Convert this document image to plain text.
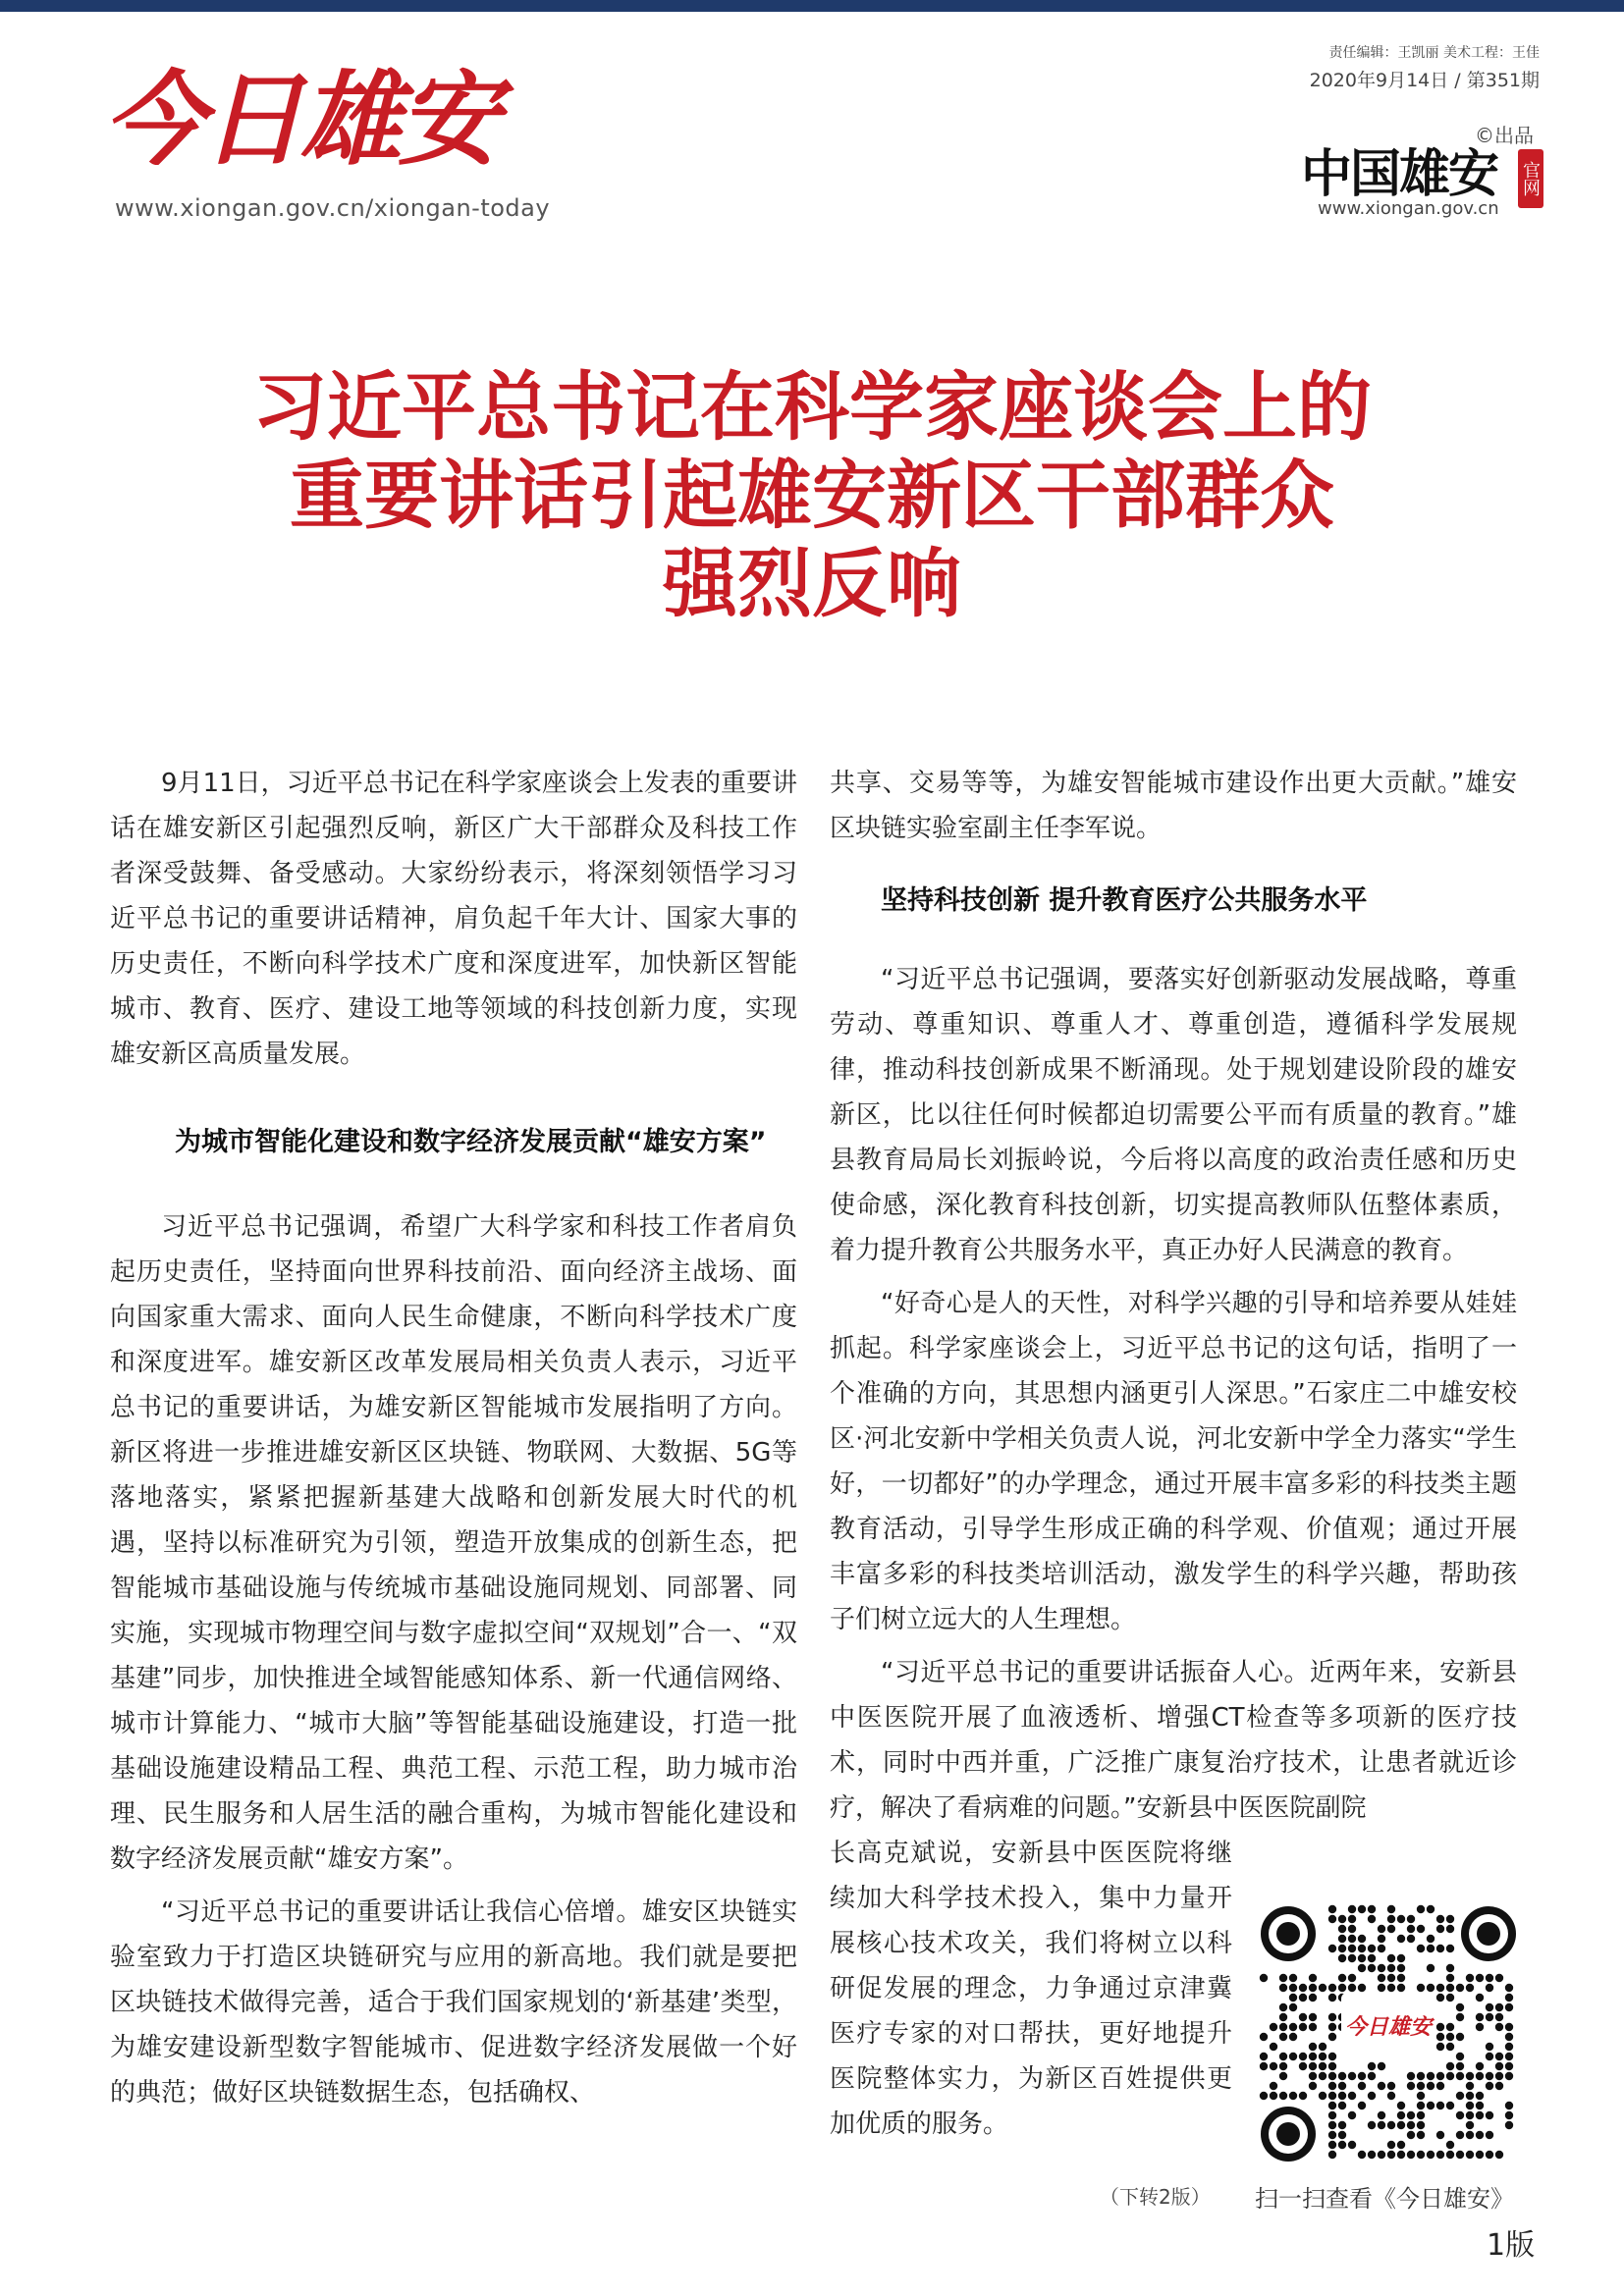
今日雄安
www.xiongan.gov.cn/xiongan-today
责任编辑：王凯丽 美术工程：王佳
2020年9月14日 / 第351期
©出品
中国雄安	官网
www.xiongan.gov.cn
习近平总书记在科学家座谈会上的
重要讲话引起雄安新区干部群众
强烈反响

9月11日，习近平总书记在科学家座谈会上发表的重要讲话在雄安新区引起强烈反响，新区广大干部群众及科技工作者深受鼓舞、备受感动。大家纷纷表示，将深刻领悟学习习近平总书记的重要讲话精神，肩负起千年大计、国家大事的历史责任，不断向科学技术广度和深度进军，加快新区智能城市、教育、医疗、建设工地等领域的科技创新力度，实现雄安新区高质量发展。

为城市智能化建设和数字经济发展贡献“雄安方案”

习近平总书记强调，希望广大科学家和科技工作者肩负起历史责任，坚持面向世界科技前沿、面向经济主战场、面向国家重大需求、面向人民生命健康，不断向科学技术广度和深度进军。雄安新区改革发展局相关负责人表示，习近平总书记的重要讲话，为雄安新区智能城市发展指明了方向。新区将进一步推进雄安新区区块链、物联网、大数据、5G等落地落实，紧紧把握新基建大战略和创新发展大时代的机遇，坚持以标准研究为引领，塑造开放集成的创新生态，把智能城市基础设施与传统城市基础设施同规划、同部署、同实施，实现城市物理空间与数字虚拟空间“双规划”合一、“双基建”同步，加快推进全域智能感知体系、新一代通信网络、城市计算能力、“城市大脑”等智能基础设施建设，打造一批基础设施建设精品工程、典范工程、示范工程，助力城市治理、民生服务和人居生活的融合重构，为城市智能化建设和数字经济发展贡献“雄安方案”。

“习近平总书记的重要讲话让我信心倍增。雄安区块链实验室致力于打造区块链研究与应用的新高地。我们就是要把区块链技术做得完善，适合于我们国家规划的‘新基建’类型，为雄安建设新型数字智能城市、促进数字经济发展做一个好的典范；做好区块链数据生态，包括确权、

共享、交易等等，为雄安智能城市建设作出更大贡献。”雄安区块链实验室副主任李军说。

坚持科技创新 提升教育医疗公共服务水平

“习近平总书记强调，要落实好创新驱动发展战略，尊重劳动、尊重知识、尊重人才、尊重创造，遵循科学发展规律，推动科技创新成果不断涌现。处于规划建设阶段的雄安新区，比以往任何时候都迫切需要公平而有质量的教育。”雄县教育局局长刘振岭说，今后将以高度的政治责任感和历史使命感，深化教育科技创新，切实提高教师队伍整体素质，着力提升教育公共服务水平，真正办好人民满意的教育。

“好奇心是人的天性，对科学兴趣的引导和培养要从娃娃抓起。科学家座谈会上，习近平总书记的这句话，指明了一个准确的方向，其思想内涵更引人深思。”石家庄二中雄安校区·河北安新中学相关负责人说，河北安新中学全力落实“学生好，一切都好”的办学理念，通过开展丰富多彩的科技类主题教育活动，引导学生形成正确的科学观、价值观；通过开展丰富多彩的科技类培训活动，激发学生的科学兴趣，帮助孩子们树立远大的人生理想。

“习近平总书记的重要讲话振奋人心。近两年来，安新县中医医院开展了血液透析、增强CT检查等多项新的医疗技术，同时中西并重，广泛推广康复治疗技术，让患者就近诊疗，解决了看病难的问题。”安新县中医医院副院

长高克斌说，安新县中医医院将继续加大科学技术投入，集中力量开展核心技术攻关，我们将树立以科研促发展的理念，力争通过京津冀医疗专家的对口帮扶，更好地提升医院整体实力，为新区百姓提供更加优质的服务。

（下转2版）
今日雄安
扫一扫查看《今日雄安》
1版
